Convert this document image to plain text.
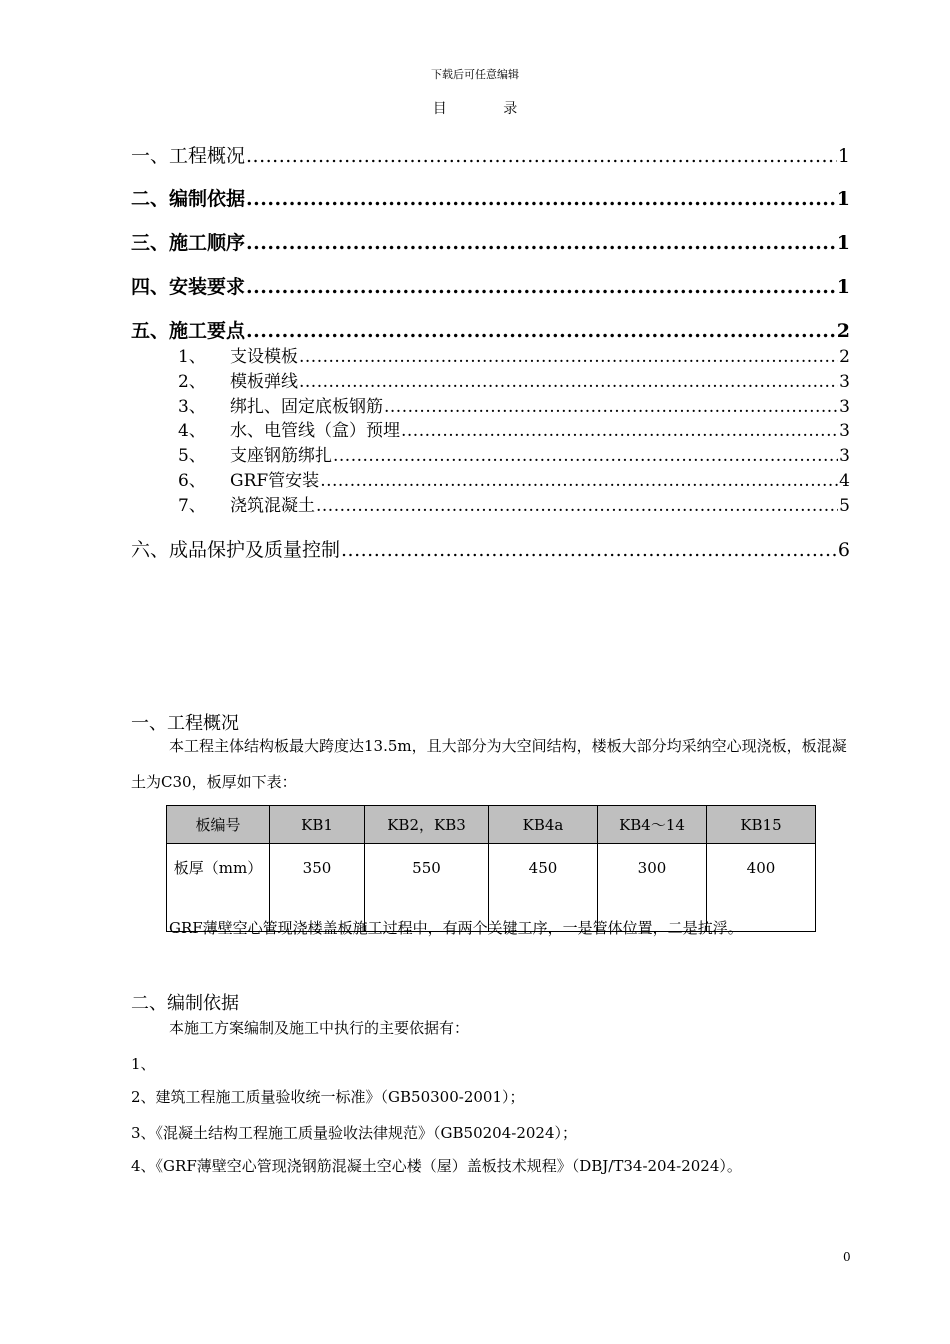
下载后可任意编辑
目 录
一、工程概况 .....	1
二、编制依据 .....	1
三、施工顺序 .....	1
四、安装要求 .....	1
五、施工要点 .....	2
1、 支设模板 .....	2
2、 模板弹线 .....	3
3、 绑扎、固定底板钢筋 .....	3
4、 水、电管线（盒）预埋 .....	3
5、 支座钢筋绑扎 .....	3
6、 GRF管安装 .....	4
7、 浇筑混凝土 .....	5
六、成品保护及质量控制 .....	6
一、工程概况
本工程主体结构板最大跨度达13.5m，且大部分为大空间结构，楼板大部分均采纳空心现浇板，板混凝土为C30，板厚如下表：
板编号	KB1	KB2，KB3	KB4a	KB4～14	KB15
板厚（mm）	350	550	450	300	400
GRF薄壁空心管现浇楼盖板施工过程中，有两个关键工序，一是管体位置，二是抗浮。
二、编制依据
本施工方案编制及施工中执行的主要依据有：
1、
2、建筑工程施工质量验收统一标准》（GB50300-2001）；
3、《混凝土结构工程施工质量验收法律规范》（GB50204-2024）；
4、《GRF薄壁空心管现浇钢筋混凝土空心楼（屋）盖板技术规程》（DBJ/T34-204-2024）。
0
